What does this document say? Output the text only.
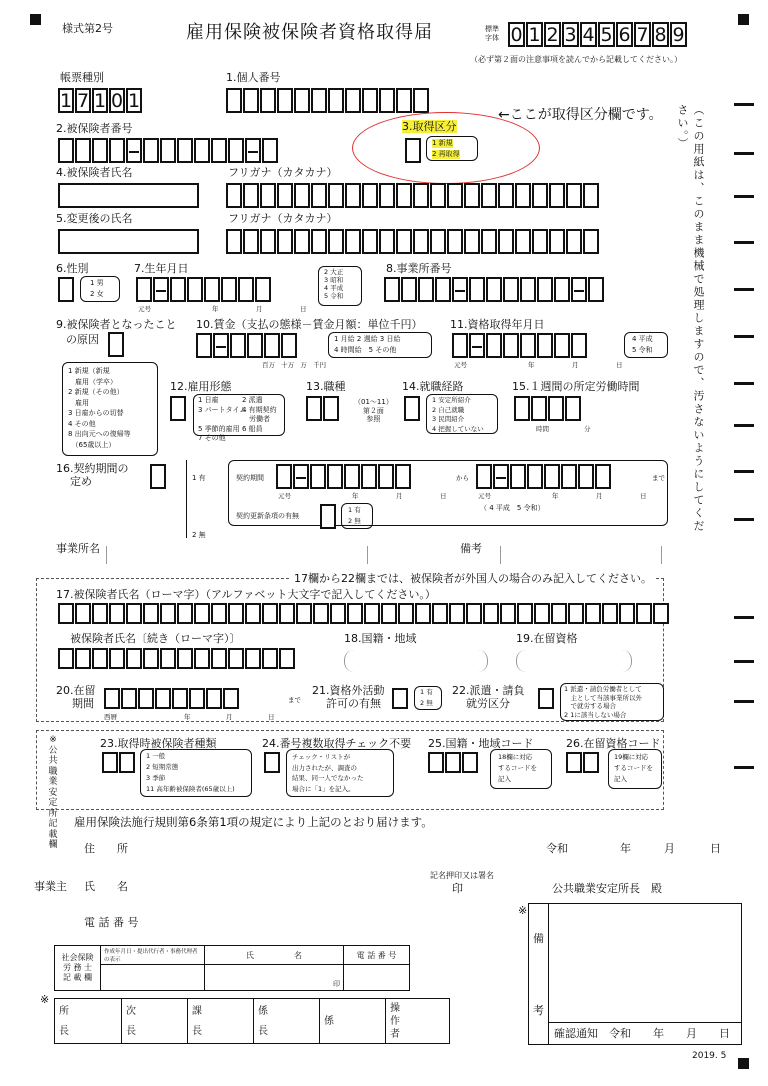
様式第2号	雇用保険被保険者資格取得届	標準
字体 0 1 2 3 4 5 6 7 8 9
（必ず第２面の注意事項を読んでから記載してください。）
（この用紙は、このまま機械で処理しますので、汚さないようにしてください。）
帳票種別
1 7 1 0 1
1.個人番号
←ここが取得区分欄です。
2.被保険者番号	3.取得区分
1 新規
2 再取得
4.被保険者氏名	フリガナ（カタカナ）
5.変更後の氏名	フリガナ（カタカナ）
6.性別
1 男
2 女
7.生年月日
元号	年	月	日
2 大正
3 昭和
4 平成
5 令和
8.事業所番号
9.被保険者となったこと
の原因
10.賃金（支払の態様－賃金月額：単位千円）
百万 十万 万 千円
1 月給 2 週給 3 日給
4 時間給　5 その他
11.資格取得年月日
元号	年	月	日
4 平成
5 令和
1 新規（新規
　雇用（学卒）
2 新規（その他）
　雇用
3 日雇からの切替
4 その他
8 出向元への復帰等
　（65歳以上）
12.雇用形態
1 日雇	2 派遣
3 パートタイム
4 有期契約

　労働者
5 季節的雇用 6 船員
7 その他
13.職種
（01～11）
第２面
参照
14.就職経路
1 安定所紹介
2 自己就職
3 民間紹介
4 把握していない
15.１週間の所定労働時間
時間	分
16.契約期間の
定め	1 有
2 無
契約期間	から	まで
元号	年	月	日	元号	年	月	日
（ 4 平成　5 令和）
契約更新条項の有無
1 有
2 無
事業所名	備考
17欄から22欄までは、被保険者が外国人の場合のみ記入してください。
17.被保険者氏名（ローマ字）（アルファベット大文字で記入してください。）
被保険者氏名〔続き（ローマ字）〕	18.国籍・地域	19.在留資格
20.在留
期間	まで
西暦	年	月	日
21.資格外活動
許可の有無
1 有
2 無
22.派遣・請負
就労区分
1 派遣・請負労働者として
　主として当該事業所以外
　で就労する場合
2 1に該当しない場合
※
公
共
職
業
安
定
所
記
載
欄
23.取得時被保険者種類
1 一般
2 短期常態
3 季節
11 高年齢被保険者(65歳以上)
24.番号複数取得チェック不要
チェック・リストが
出力されたが、調査の
結果、同一人でなかった
場合に「1」を記入。
25.国籍・地域コード
18欄に対応
するコードを
記入
26.在留資格コード
19欄に対応
するコードを
記入
雇用保険法施行規則第6条第1項の規定により上記のとおり届けます。
住　　所	令和	年	月	日
記名押印又は署名
事業主 氏　　名	印	公共職業安定所長　殿
電 話 番 号
社会保険
労 務 士
記 載 欄	作成年月日・提出代行者・事務代理者の表示	氏　　　　　名	電 話 番 号
		印	
※
所
長
次
長
課
長
係
長
係
操
作
者
※
備
考
確認通知　令和　　年　　月　　日
2019. 5
